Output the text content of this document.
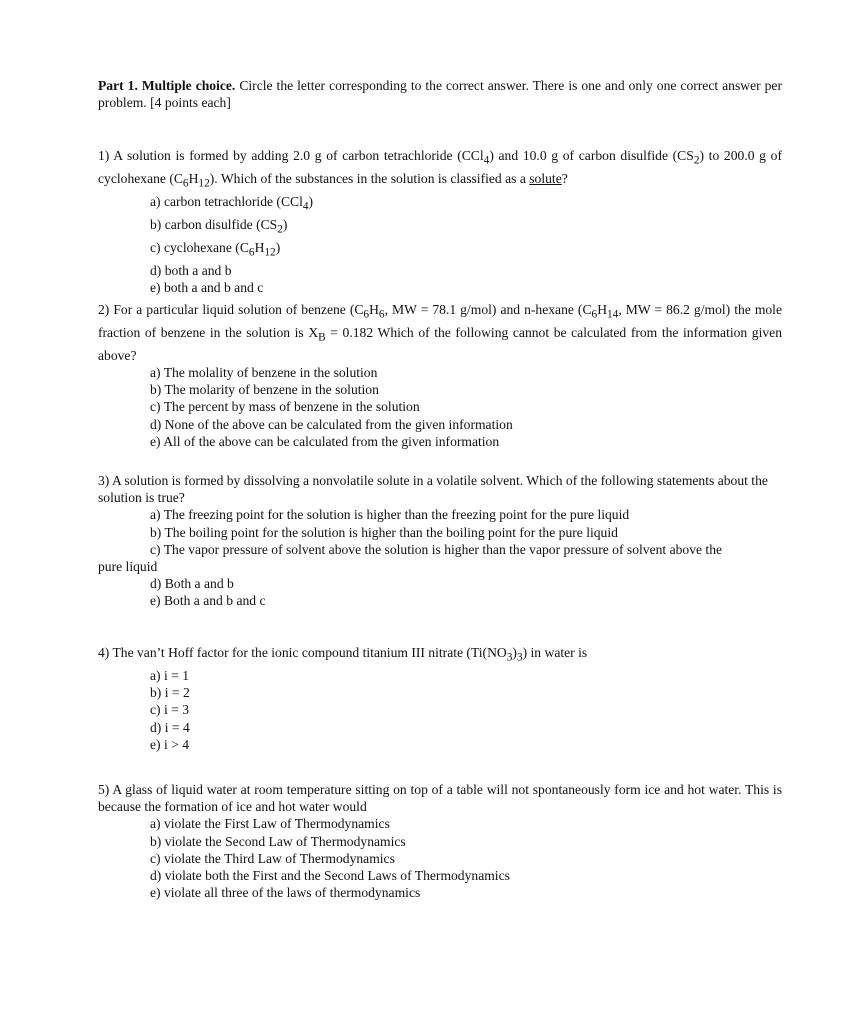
Part 1. Multiple choice. Circle the letter corresponding to the correct answer. There is one and only one correct answer per problem. [4 points each]
1) A solution is formed by adding 2.0 g of carbon tetrachloride (CCl$_4$) and 10.0 g of carbon disulfide $(CS_2)$ to 200.0 g of cyclohexane $(C_6H_{12})$. Which of the substances in the solution is classified as a solute?
a) carbon tetrachloride (CCl$_4$)
b) carbon disulfide $(CS_2)$
c) cyclohexane $(C_6H_{12})$
d) both a and b
e) both a and b and c
2) For a particular liquid solution of benzene ($C_6H_6$, MW = 78.1 g/mol) and n-hexane ($C_6H_{14}$, MW = 86.2 g/mol) the mole fraction of benzene in the solution is $X_B = 0.182$ Which of the following cannot be calculated from the information given above?
a) The molality of benzene in the solution
b) The molarity of benzene in the solution
c) The percent by mass of benzene in the solution
d) None of the above can be calculated from the given information
e) All of the above can be calculated from the given information
3) A solution is formed by dissolving a nonvolatile solute in a volatile solvent. Which of the following statements about the solution is true?
a) The freezing point for the solution is higher than the freezing point for the pure liquid
b) The boiling point for the solution is higher than the boiling point for the pure liquid
c) The vapor pressure of solvent above the solution is higher than the vapor pressure of solvent above the
pure liquid
d) Both a and b
e) Both a and b and c
4) The van’t Hoff factor for the ionic compound titanium III nitrate $(Ti(NO_3)_3)$ in water is
a) i = 1
b) i = 2
c) i = 3
d) i = 4
e) i > 4
5) A glass of liquid water at room temperature sitting on top of a table will not spontaneously form ice and hot water. This is because the formation of ice and hot water would
a) violate the First Law of Thermodynamics
b) violate the Second Law of Thermodynamics
c) violate the Third Law of Thermodynamics
d) violate both the First and the Second Laws of Thermodynamics
e) violate all three of the laws of thermodynamics
